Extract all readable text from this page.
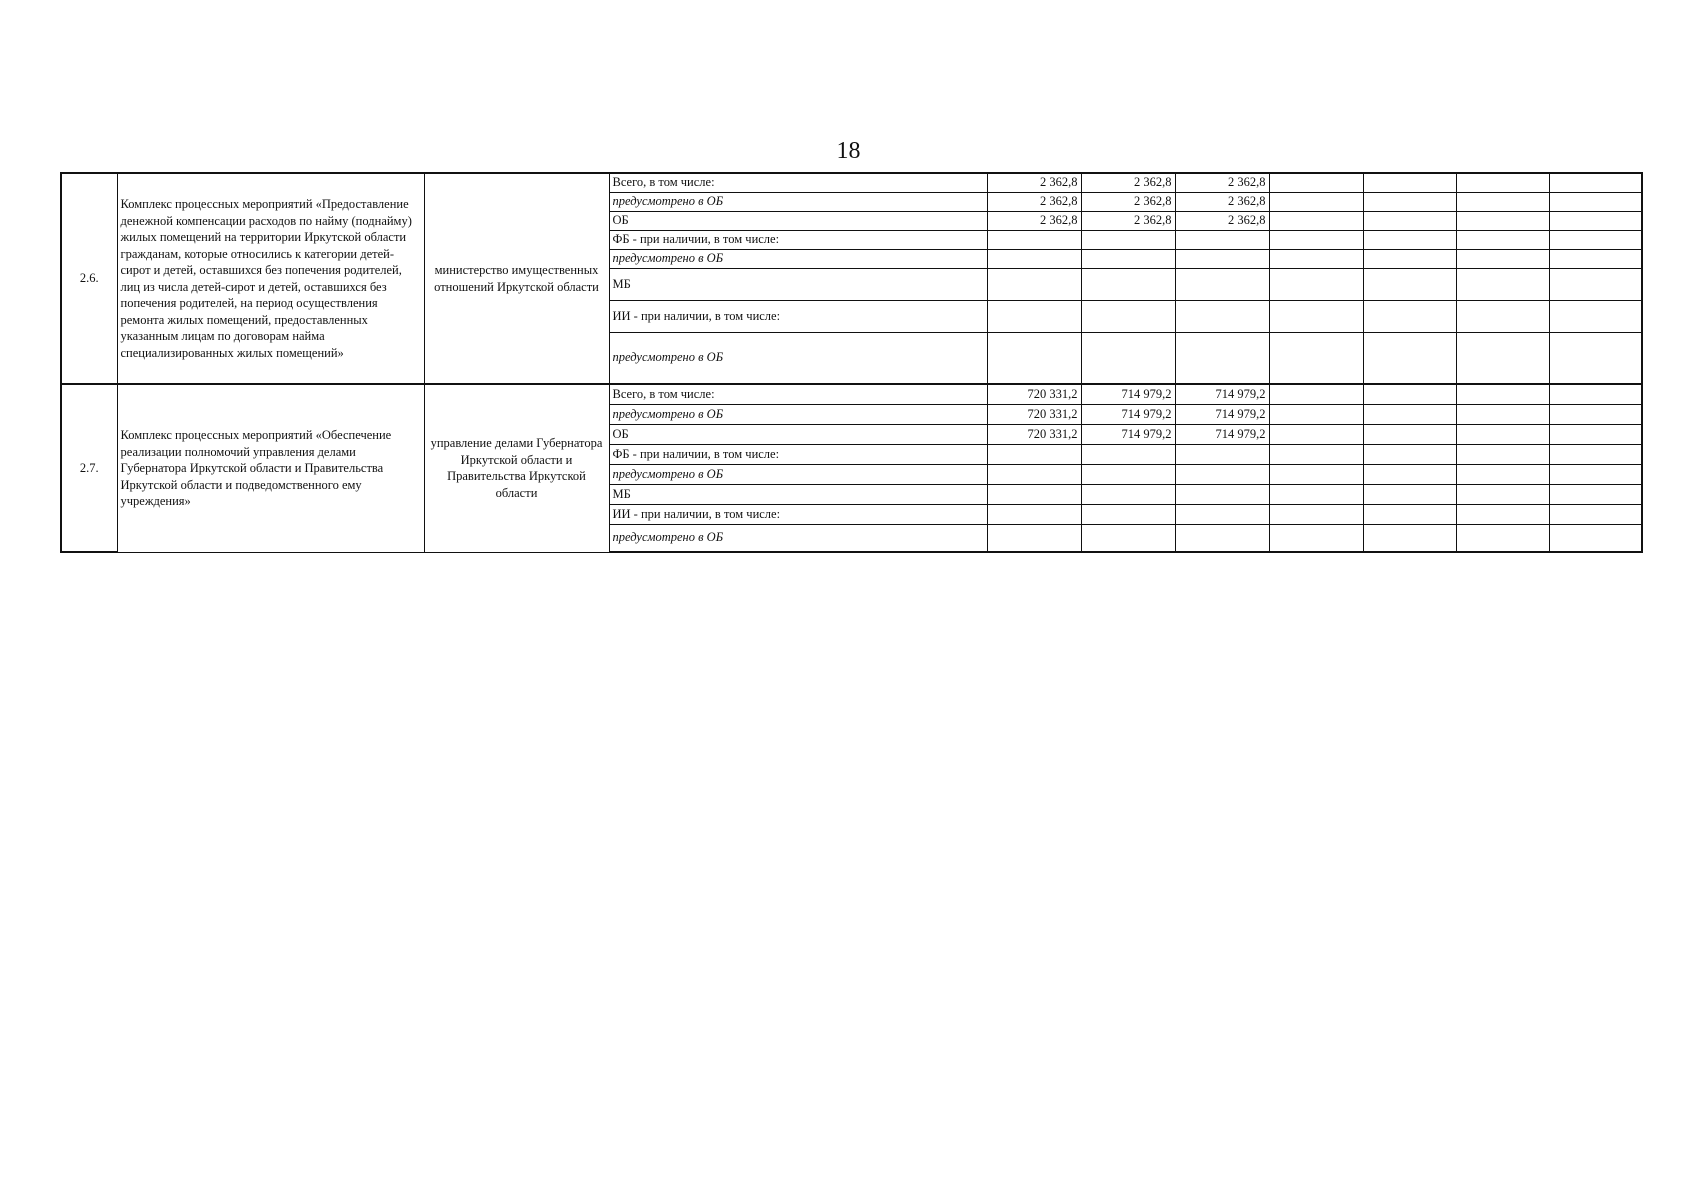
18
2.6.	Комплекс процессных мероприятий «Предоставление денежной компенсации расходов по найму (поднайму) жилых помещений на территории Иркутской области гражданам, которые относились к категории детей-сирот и детей, оставшихся без попечения родителей, лиц из числа детей-сирот и детей, оставшихся без попечения родителей, на период осуществления ремонта жилых помещений, предоставленных указанным лицам по договорам найма специализированных жилых помещений»	министерство имущественных отношений Иркутской области	Всего, в том числе:	2 362,8	2 362,8	2 362,8				
			предусмотрено в ОБ	2 362,8	2 362,8	2 362,8				
			ОБ	2 362,8	2 362,8	2 362,8				
			ФБ - при наличии, в том числе:							
			предусмотрено в ОБ							
			МБ							
			ИИ - при наличии, в том числе:							
			предусмотрено в ОБ							
2.7.	Комплекс процессных мероприятий «Обеспечение реализации полномочий управления делами Губернатора Иркутской области и Правительства Иркутской области и подведомственного ему учреждения»	управление делами Губернатора Иркутской области и Правительства Иркутской области	Всего, в том числе:	720 331,2	714 979,2	714 979,2				
			предусмотрено в ОБ	720 331,2	714 979,2	714 979,2				
			ОБ	720 331,2	714 979,2	714 979,2				
			ФБ - при наличии, в том числе:							
			предусмотрено в ОБ							
			МБ							
			ИИ - при наличии, в том числе:							
			предусмотрено в ОБ							
